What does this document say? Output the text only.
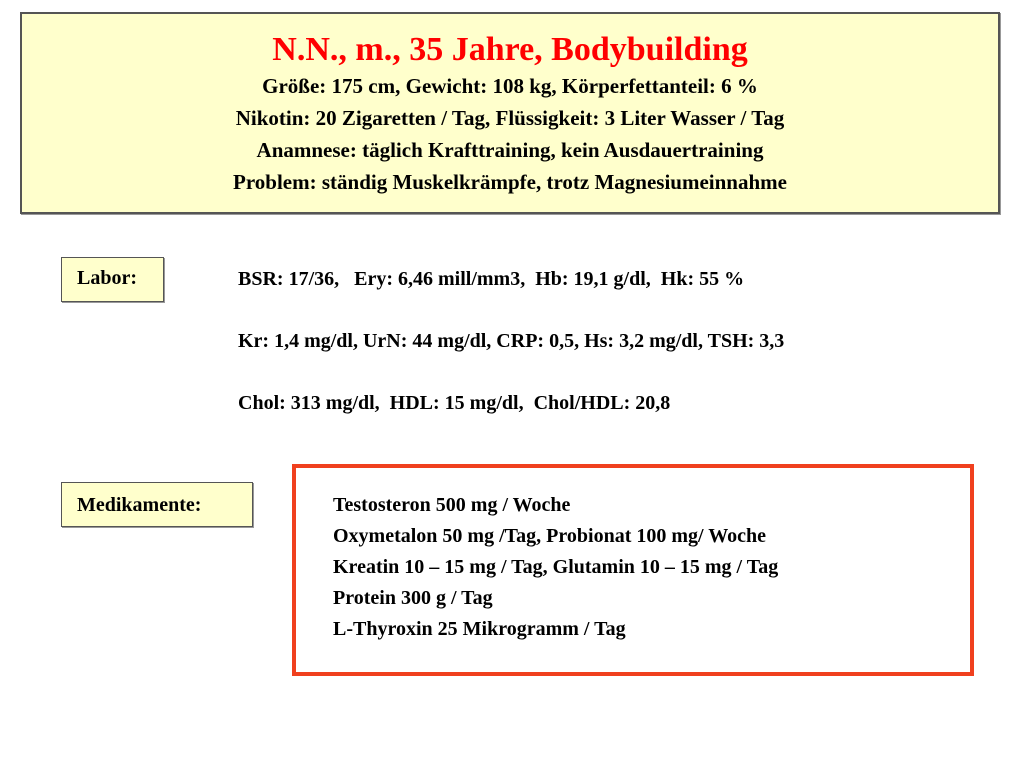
N.N., m., 35 Jahre, Bodybuilding
Größe: 175 cm, Gewicht: 108 kg, Körperfettanteil: 6 %
Nikotin: 20 Zigaretten / Tag, Flüssigkeit: 3 Liter Wasser / Tag
Anamnese: täglich Krafttraining, kein Ausdauertraining
Problem: ständig Muskelkrämpfe, trotz Magnesiumeinnahme
Labor:	BSR: 17/36,   Ery: 6,46 mill/mm3,  Hb: 19,1 g/dl,  Hk: 55 %
Kr: 1,4 mg/dl, UrN: 44 mg/dl, CRP: 0,5, Hs: 3,2 mg/dl, TSH: 3,3
Chol: 313 mg/dl,  HDL: 15 mg/dl,  Chol/HDL: 20,8
Medikamente:	Testosteron 500 mg / Woche
Oxymetalon 50 mg /Tag, Probionat 100 mg/ Woche
Kreatin 10 – 15 mg / Tag, Glutamin 10 – 15 mg / Tag
Protein 300 g / Tag
L-Thyroxin 25 Mikrogramm / Tag
